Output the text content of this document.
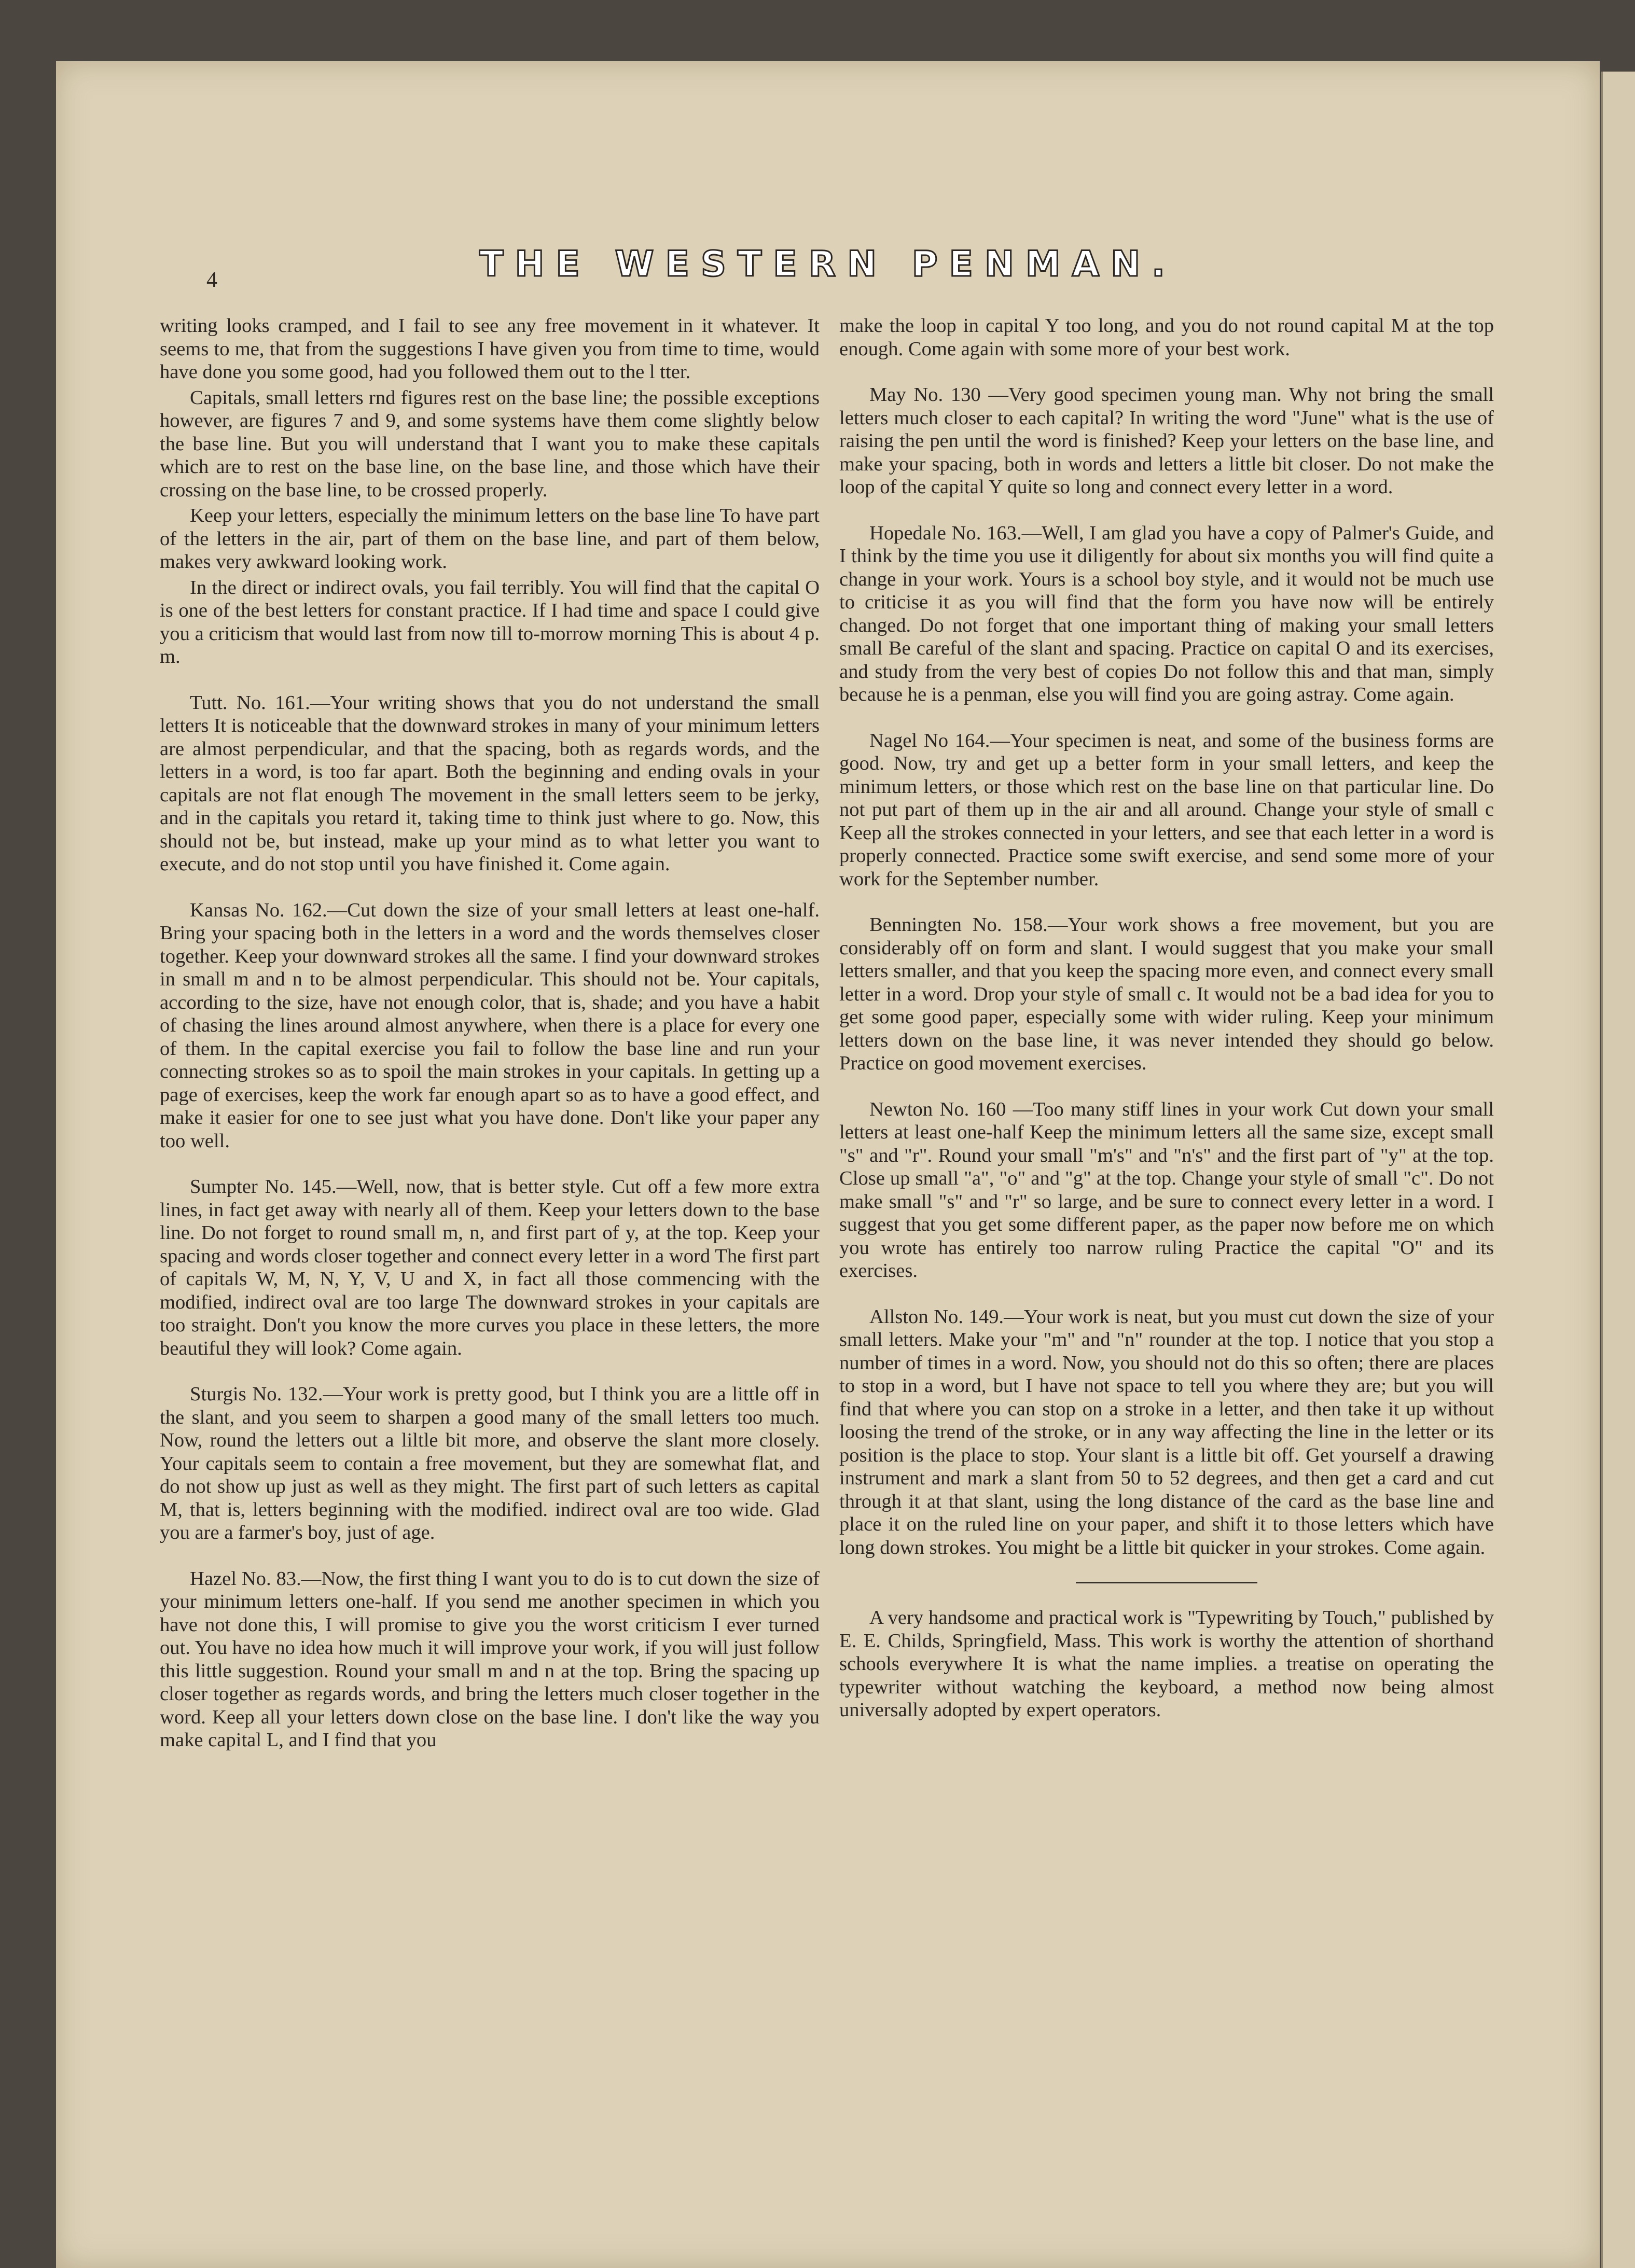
4	THE WESTERN PENMAN.

writing looks cramped, and I fail to see any free movement in it whatever. It seems to me, that from the suggestions I have given you from time to time, would have done you some good, had you followed them out to the l tter.

Capitals, small letters rnd figures rest on the base line; the possible exceptions however, are figures 7 and 9, and some systems have them come slightly below the base line. But you will understand that I want you to make these capitals which are to rest on the base line, on the base line, and those which have their crossing on the base line, to be crossed properly.

Keep your letters, especially the minimum letters on the base line To have part of the letters in the air, part of them on the base line, and part of them below, makes very awkward looking work.

In the direct or indirect ovals, you fail terribly. You will find that the capital O is one of the best letters for constant practice. If I had time and space I could give you a criticism that would last from now till to-morrow morning This is about 4 p. m.

Tutt. No. 161.—Your writing shows that you do not understand the small letters It is noticeable that the downward strokes in many of your minimum letters are almost perpendicular, and that the spacing, both as regards words, and the letters in a word, is too far apart. Both the beginning and ending ovals in your capitals are not flat enough The movement in the small letters seem to be jerky, and in the capitals you retard it, taking time to think just where to go. Now, this should not be, but instead, make up your mind as to what letter you want to execute, and do not stop until you have finished it. Come again.

Kansas No. 162.—Cut down the size of your small letters at least one-half. Bring your spacing both in the letters in a word and the words themselves closer together. Keep your downward strokes all the same. I find your downward strokes in small m and n to be almost perpendicular. This should not be. Your capitals, according to the size, have not enough color, that is, shade; and you have a habit of chasing the lines around almost anywhere, when there is a place for every one of them. In the capital exercise you fail to follow the base line and run your connecting strokes so as to spoil the main strokes in your capitals. In getting up a page of exercises, keep the work far enough apart so as to have a good effect, and make it easier for one to see just what you have done. Don't like your paper any too well.

Sumpter No. 145.—Well, now, that is better style. Cut off a few more extra lines, in fact get away with nearly all of them. Keep your letters down to the base line. Do not forget to round small m, n, and first part of y, at the top. Keep your spacing and words closer together and connect every letter in a word The first part of capitals W, M, N, Y, V, U and X, in fact all those commencing with the modified, indirect oval are too large The downward strokes in your capitals are too straight. Don't you know the more curves you place in these letters, the more beautiful they will look? Come again.

Sturgis No. 132.—Your work is pretty good, but I think you are a little off in the slant, and you seem to sharpen a good many of the small letters too much. Now, round the letters out a liltle bit more, and observe the slant more closely. Your capitals seem to contain a free movement, but they are somewhat flat, and do not show up just as well as they might. The first part of such letters as capital M, that is, letters beginning with the modified. indirect oval are too wide. Glad you are a farmer's boy, just of age.

Hazel No. 83.—Now, the first thing I want you to do is to cut down the size of your minimum letters one-half. If you send me another specimen in which you have not done this, I will promise to give you the worst criticism I ever turned out. You have no idea how much it will improve your work, if you will just follow this little suggestion. Round your small m and n at the top. Bring the spacing up closer together as regards words, and bring the letters much closer together in the word. Keep all your letters down close on the base line. I don't like the way you make capital L, and I find that you

make the loop in capital Y too long, and you do not round capital M at the top enough. Come again with some more of your best work.

May No. 130 —Very good specimen young man. Why not bring the small letters much closer to each capital? In writing the word "June" what is the use of raising the pen until the word is finished? Keep your letters on the base line, and make your spacing, both in words and letters a little bit closer. Do not make the loop of the capital Y quite so long and connect every letter in a word.

Hopedale No. 163.—Well, I am glad you have a copy of Palmer's Guide, and I think by the time you use it diligently for about six months you will find quite a change in your work. Yours is a school boy style, and it would not be much use to criticise it as you will find that the form you have now will be entirely changed. Do not forget that one important thing of making your small letters small Be careful of the slant and spacing. Practice on capital O and its exercises, and study from the very best of copies Do not follow this and that man, simply because he is a penman, else you will find you are going astray. Come again.

Nagel No 164.—Your specimen is neat, and some of the business forms are good. Now, try and get up a better form in your small letters, and keep the minimum letters, or those which rest on the base line on that particular line. Do not put part of them up in the air and all around. Change your style of small c Keep all the strokes connected in your letters, and see that each letter in a word is properly connected. Practice some swift exercise, and send some more of your work for the September number.

Benningten No. 158.—Your work shows a free movement, but you are considerably off on form and slant. I would suggest that you make your small letters smaller, and that you keep the spacing more even, and connect every small letter in a word. Drop your style of small c. It would not be a bad idea for you to get some good paper, especially some with wider ruling. Keep your minimum letters down on the base line, it was never intended they should go below. Practice on good movement exercises.

Newton No. 160 —Too many stiff lines in your work Cut down your small letters at least one-half Keep the minimum letters all the same size, except small "s" and "r". Round your small "m's" and "n's" and the first part of "y" at the top. Close up small "a", "o" and "g" at the top. Change your style of small "c". Do not make small "s" and "r" so large, and be sure to connect every letter in a word. I suggest that you get some different paper, as the paper now before me on which you wrote has entirely too narrow ruling Practice the capital "O" and its exercises.

Allston No. 149.—Your work is neat, but you must cut down the size of your small letters. Make your "m" and "n" rounder at the top. I notice that you stop a number of times in a word. Now, you should not do this so often; there are places to stop in a word, but I have not space to tell you where they are; but you will find that where you can stop on a stroke in a letter, and then take it up without loosing the trend of the stroke, or in any way affecting the line in the letter or its position is the place to stop. Your slant is a little bit off. Get yourself a drawing instrument and mark a slant from 50 to 52 degrees, and then get a card and cut through it at that slant, using the long distance of the card as the base line and place it on the ruled line on your paper, and shift it to those letters which have long down strokes. You might be a little bit quicker in your strokes. Come again.

A very handsome and practical work is "Typewriting by Touch," published by E. E. Childs, Springfield, Mass. This work is worthy the attention of shorthand schools everywhere It is what the name implies. a treatise on operating the typewriter without watching the keyboard, a method now being almost universally adopted by expert operators.
